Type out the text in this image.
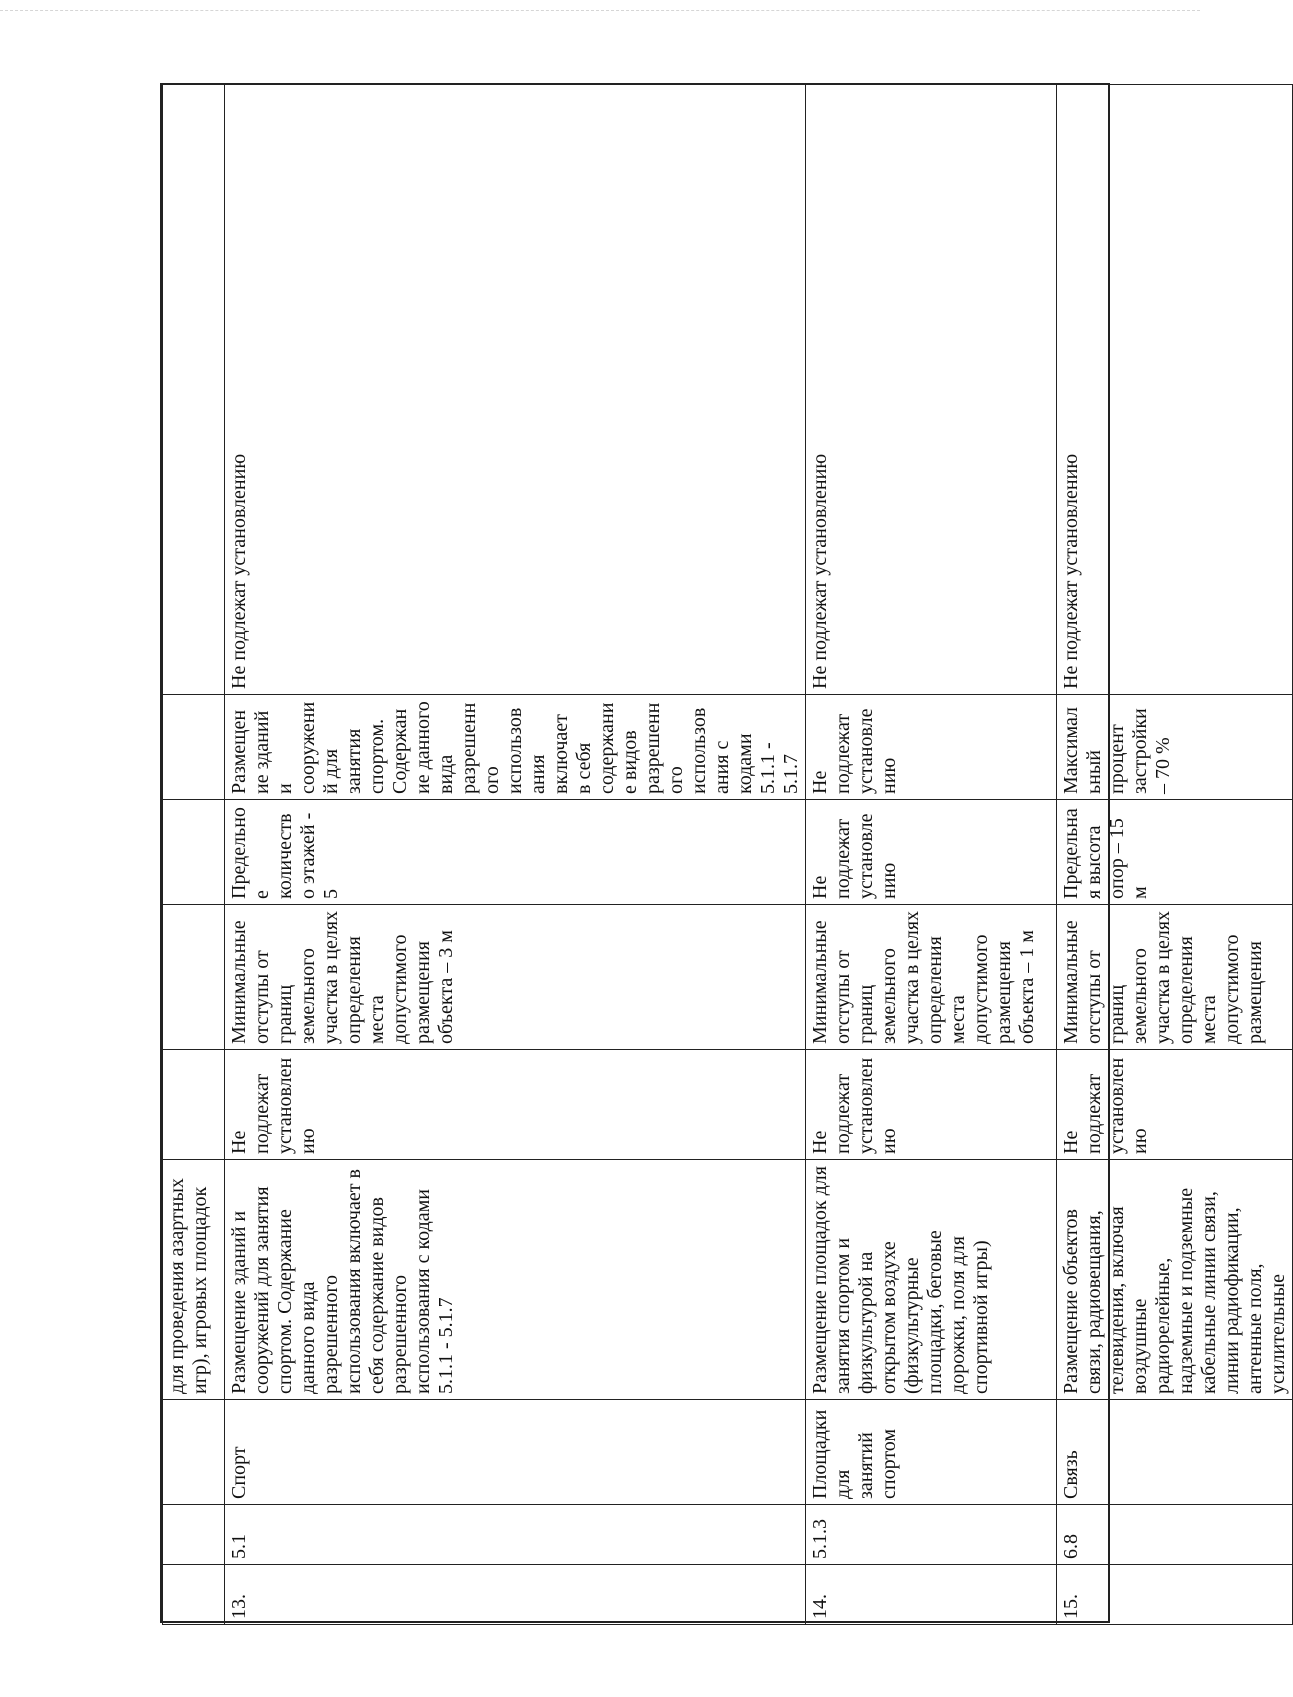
			для проведения азартных игр), игровых площадок					
13.	5.1	Спорт	Размещение зданий и сооружений для занятия спортом. Содержание данного вида разрешенного использования включает в себя содержание видов разрешенного использования с кодами 5.1.1 - 5.1.7	Не подлежат установлению	Минимальные отступы от границ земельного участка в целях определения места допустимого размещения объекта – 3 м	Предельное количество этажей - 5	Размещение зданий и сооружений для занятия спортом. Содержание данного вида разрешенного использования включает в себя содержание видов разрешенного использования с кодами 5.1.1 - 5.1.7	Не подлежат установлению
14.	5.1.3	Площадки для занятий спортом	Размещение площадок для занятия спортом и физкультурой на открытом воздухе (физкультурные площадки, беговые дорожки, поля для спортивной игры)	Не подлежат установлению	Минимальные отступы от границ земельного участка в целях определения места допустимого размещения объекта – 1 м	Не подлежат установлению	Не подлежат установлению	Не подлежат установлению
15.	6.8	Связь	Размещение объектов связи, радиовещания, телевидения, включая воздушные радиорелейные, надземные и подземные кабельные линии связи, линии радиофикации, антенные поля, усилительные	Не подлежат установлению	Минимальные отступы от границ земельного участка в целях определения места допустимого размещения	Предельная высота опор – 15 м	Максимальный процент застройки – 70 %	Не подлежат установлению
